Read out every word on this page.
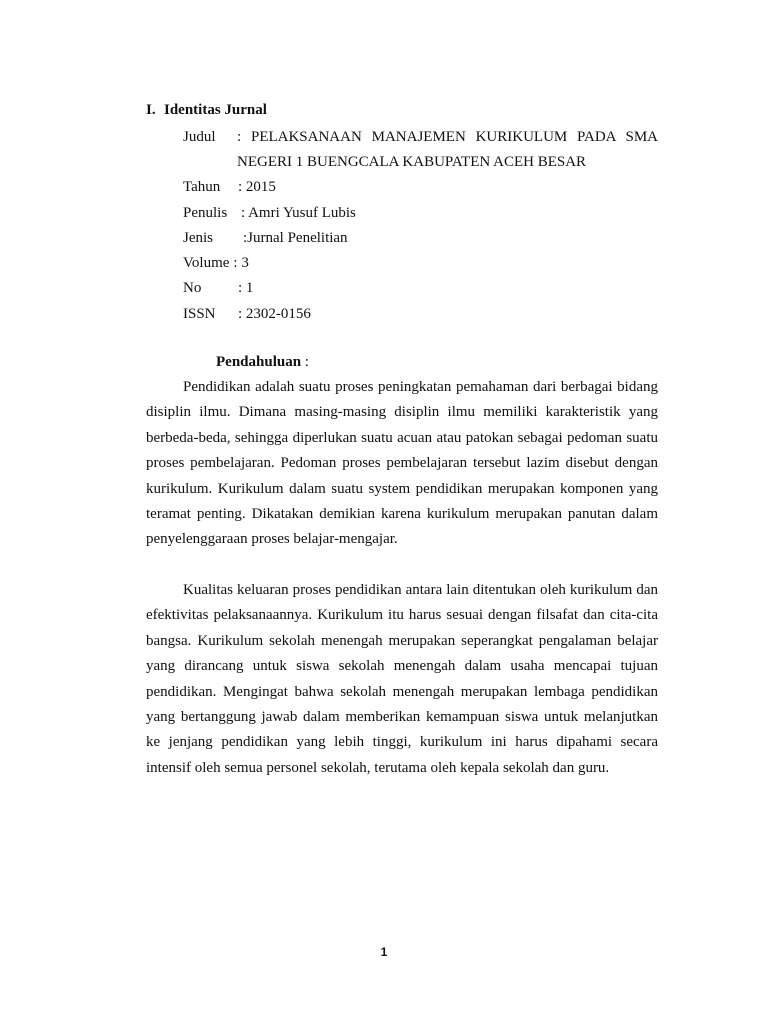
I. Identitas Jurnal
Judul	: PELAKSANAAN MANAJEMEN KURIKULUM PADA SMA
NEGERI 1 BUENGCALA KABUPATEN ACEH BESAR
Tahun : 2015
Penulis : Amri Yusuf Lubis
Jenis :Jurnal Penelitian
Volume : 3
No : 1
ISSN : 2302-0156
Pendahuluan :

Pendidikan adalah suatu proses peningkatan pemahaman dari berbagai bidang disiplin ilmu. Dimana masing-masing disiplin ilmu memiliki karakteristik yang berbeda-beda, sehingga diperlukan suatu acuan atau patokan sebagai pedoman suatu proses pembelajaran. Pedoman proses pembelajaran tersebut lazim disebut dengan kurikulum. Kurikulum dalam suatu system pendidikan merupakan komponen yang teramat penting. Dikatakan demikian karena kurikulum merupakan panutan dalam penyelenggaraan proses belajar-mengajar.

Kualitas keluaran proses pendidikan antara lain ditentukan oleh kurikulum dan efektivitas pelaksanaannya. Kurikulum itu harus sesuai dengan filsafat dan cita-cita bangsa. Kurikulum sekolah menengah merupakan seperangkat pengalaman belajar yang dirancang untuk siswa sekolah menengah dalam usaha mencapai tujuan pendidikan. Mengingat bahwa sekolah menengah merupakan lembaga pendidikan yang bertanggung jawab dalam memberikan kemampuan siswa untuk melanjutkan ke jenjang pendidikan yang lebih tinggi, kurikulum ini harus dipahami secara intensif oleh semua personel sekolah, terutama oleh kepala sekolah dan guru.

1
